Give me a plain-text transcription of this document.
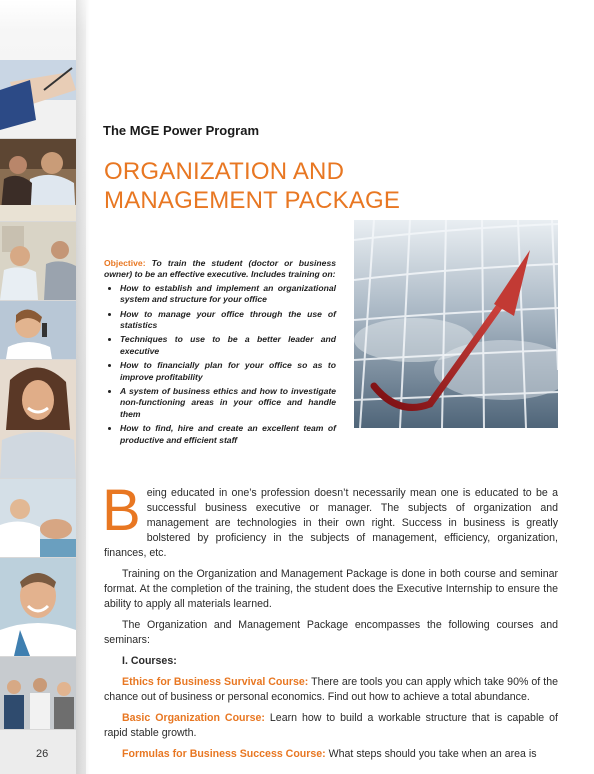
26
The MGE Power Program
ORGANIZATION AND MANAGEMENT PACKAGE
Objective: To train the student (doctor or business owner) to be an effective executive. Includes training on:
• How to establish and implement an organizational system and structure for your office
• How to manage your office through the use of statistics
• Techniques to use to be a better leader and executive
• How to financially plan for your office so as to improve profitability
• A system of business ethics and how to investigate non-functioning areas in your office and handle them
• How to find, hire and create an excellent team of productive and efficient staff

Being educated in one’s profession doesn’t necessarily mean one is educated to be a successful business executive or manager. The subjects of organization and management are technologies in their own right. Success in business is greatly bolstered by proficiency in the subjects of management, efficiency, organization, finances, etc.

Training on the Organization and Management Package is done in both course and seminar format. At the completion of the training, the student does the Executive Internship to ensure the ability to apply all materials learned.

The Organization and Management Package encompasses the following courses and seminars:

I. Courses:

Ethics for Business Survival Course: There are tools you can apply which take 90% of the chance out of business or personal economics. Find out how to achieve a total abundance.

Basic Organization Course: Learn how to build a workable structure that is capable of rapid stable growth.

Formulas for Business Success Course: What steps should you take when an area is
